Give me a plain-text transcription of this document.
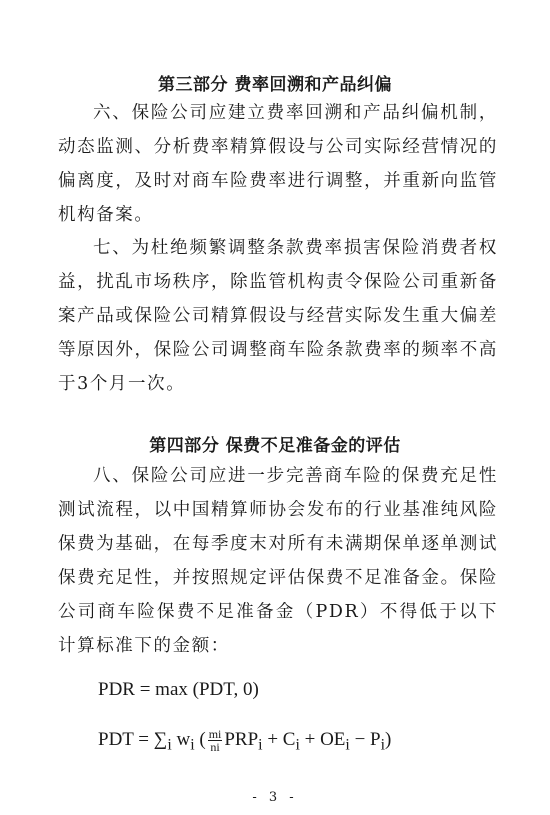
第三部分 费率回溯和产品纠偏

六、保险公司应建立费率回溯和产品纠偏机制，动态监测、分析费率精算假设与公司实际经营情况的偏离度，及时对商车险费率进行调整，并重新向监管机构备案。

七、为杜绝频繁调整条款费率损害保险消费者权益，扰乱市场秩序，除监管机构责令保险公司重新备案产品或保险公司精算假设与经营实际发生重大偏差等原因外，保险公司调整商车险条款费率的频率不高于3个月一次。

第四部分 保费不足准备金的评估

八、保险公司应进一步完善商车险的保费充足性测试流程，以中国精算师协会发布的行业基准纯风险保费为基础，在每季度末对所有未满期保单逐单测试保费充足性，并按照规定评估保费不足准备金。保险公司商车险保费不足准备金（PDR）不得低于以下计算标准下的金额：

PDR = max (PDT, 0)
PDT = $\sum_i$ $w_i$ ( $\frac{mi}{ni} PRP_i + C_i + OE_i - P_i$)
- 3 -
